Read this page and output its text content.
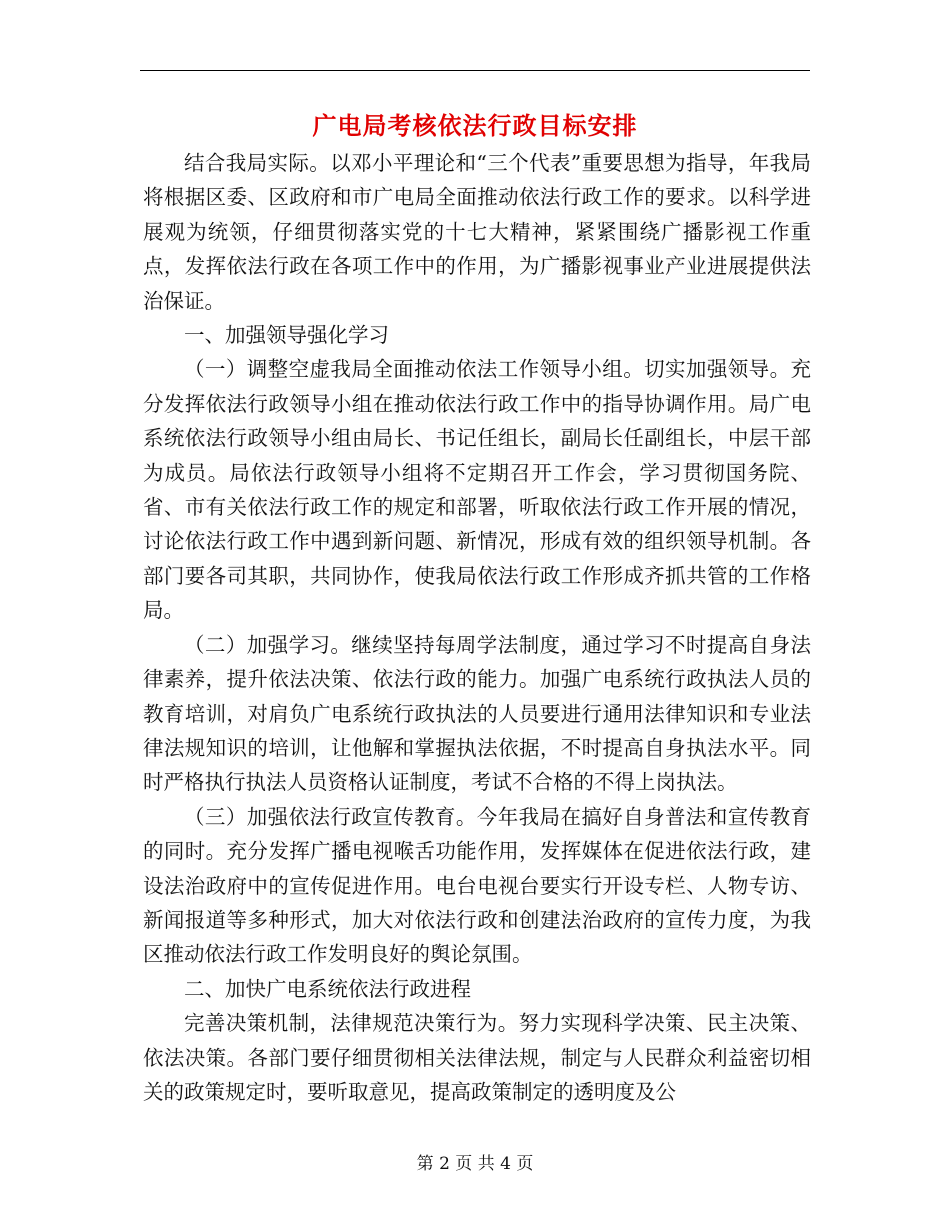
广电局考核依法行政目标安排

结合我局实际。以邓小平理论和“三个代表”重要思想为指导，年我局将根据区委、区政府和市广电局全面推动依法行政工作的要求。以科学进展观为统领，仔细贯彻落实党的十七大精神，紧紧围绕广播影视工作重点，发挥依法行政在各项工作中的作用，为广播影视事业产业进展提供法治保证。

一、加强领导强化学习

（一）调整空虚我局全面推动依法工作领导小组。切实加强领导。充分发挥依法行政领导小组在推动依法行政工作中的指导协调作用。局广电系统依法行政领导小组由局长、书记任组长，副局长任副组长，中层干部为成员。局依法行政领导小组将不定期召开工作会，学习贯彻国务院、省、市有关依法行政工作的规定和部署，听取依法行政工作开展的情况，讨论依法行政工作中遇到新问题、新情况，形成有效的组织领导机制。各部门要各司其职，共同协作，使我局依法行政工作形成齐抓共管的工作格局。

（二）加强学习。继续坚持每周学法制度，通过学习不时提高自身法律素养，提升依法决策、依法行政的能力。加强广电系统行政执法人员的教育培训，对肩负广电系统行政执法的人员要进行通用法律知识和专业法律法规知识的培训，让他解和掌握执法依据，不时提高自身执法水平。同时严格执行执法人员资格认证制度，考试不合格的不得上岗执法。

（三）加强依法行政宣传教育。今年我局在搞好自身普法和宣传教育的同时。充分发挥广播电视喉舌功能作用，发挥媒体在促进依法行政，建设法治政府中的宣传促进作用。电台电视台要实行开设专栏、人物专访、新闻报道等多种形式，加大对依法行政和创建法治政府的宣传力度，为我区推动依法行政工作发明良好的舆论氛围。

二、加快广电系统依法行政进程

完善决策机制，法律规范决策行为。努力实现科学决策、民主决策、依法决策。各部门要仔细贯彻相关法律法规，制定与人民群众利益密切相关的政策规定时，要听取意见，提高政策制定的透明度及公

第 2 页 共 4 页
